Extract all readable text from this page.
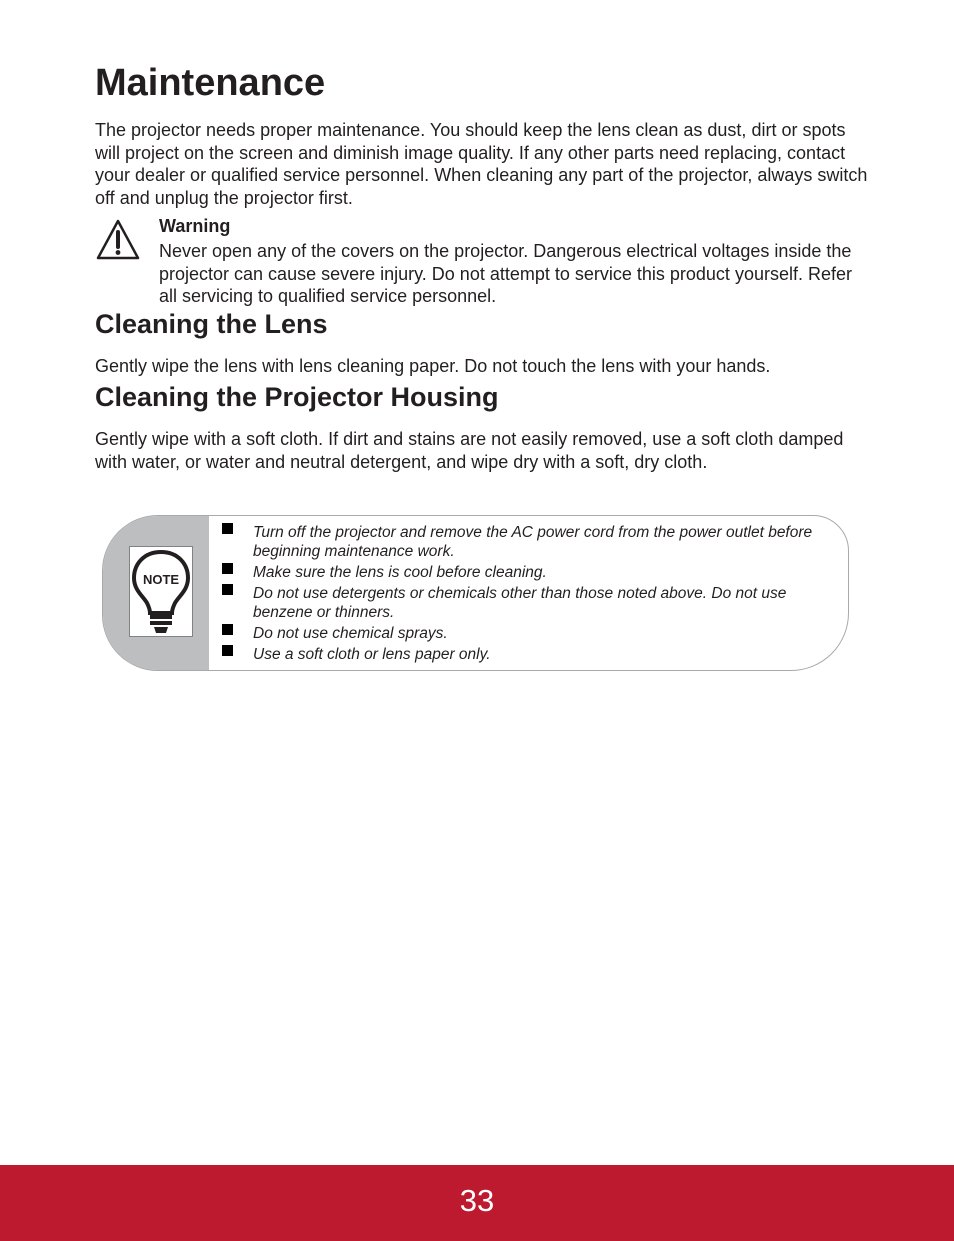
Maintenance

The projector needs proper maintenance. You should keep the lens clean as dust, dirt or spots will project on the screen and diminish image quality. If any other parts need replacing, contact your dealer or qualified service personnel. When cleaning any part of the projector, always switch off and unplug the projector first.

Warning

Never open any of the covers on the projector. Dangerous electrical voltages inside the projector can cause severe injury. Do not attempt to service this product yourself. Refer all servicing to qualified service personnel.

Cleaning the Lens

Gently wipe the lens with lens cleaning paper. Do not touch the lens with your hands.

Cleaning the Projector Housing

Gently wipe with a soft cloth. If dirt and stains are not easily removed, use a soft cloth damped with water, or water and neutral detergent, and wipe dry with a soft, dry cloth.

NOTE
Turn off the projector and remove the AC power cord from the power outlet before beginning maintenance work.
Make sure the lens is cool before cleaning.
Do not use detergents or chemicals other than those noted above. Do not use benzene or thinners.
Do not use chemical sprays.
Use a soft cloth or lens paper only.
33
